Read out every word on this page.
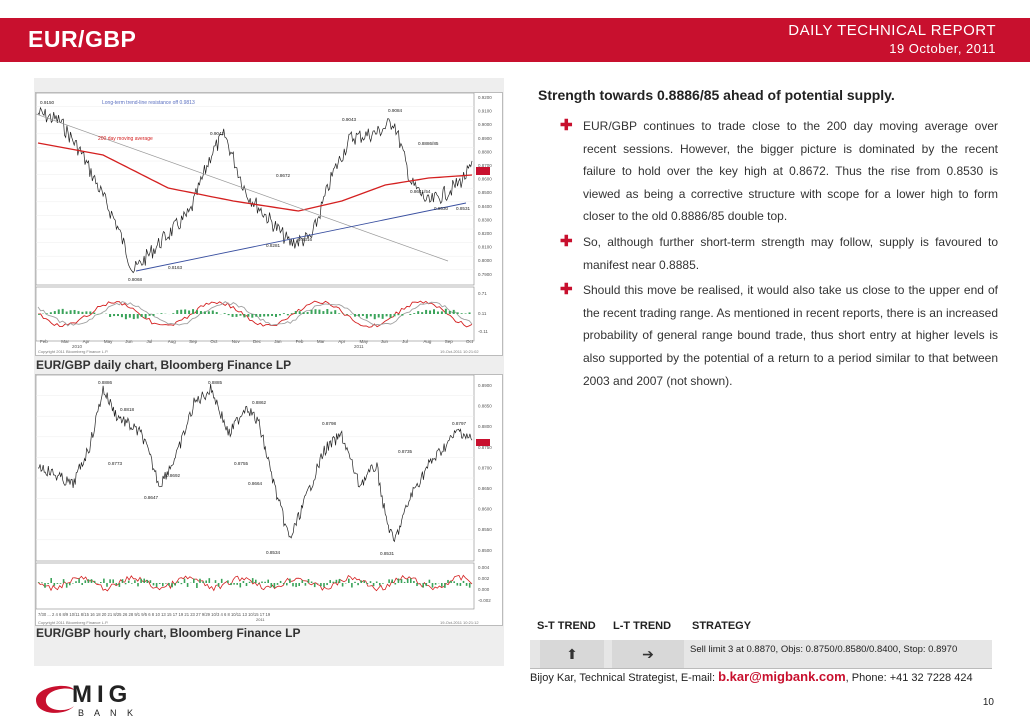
EUR/GBP	DAILY TECHNICAL REPORT
19 October, 2011
Long-term trend-line resistance off 0.9813
200 day moving average
0.9150
0.9042
0.9043
0.9084
0.8886/85
0.8672
0.8641/54
0.8530 0.8531
0.8281
0.8316
0.8163
0.8068
0.9200
0.9100
0.9000
0.8900
0.8800
0.8700
0.8600
0.8500
0.8400
0.8300
0.8200
0.8100
0.8000
0.7900
Feb	Mar	Apr	May	Jun	Jul	Aug	Sep	Oct	Nov	Dec	Jan	Feb	Mar	Apr	May	Jun	Jul	Aug	Sep	Oct
0.71
0.11
-0.11
2010	2011
Copyright 2011 Bloomberg Finance L.P.	19-Oct-2011 10:21:02
EUR/GBP daily chart, Bloomberg Finance LP
0.8886	0.8885
0.8818
0.8862
0.8798	0.8797
0.8735
0.8773	0.8755
0.8692
0.8664
0.8647
0.8534	0.8531
0.8900
0.8850
0.8800
0.8750
0.8700
0.8650
0.8600
0.8550
0.8500
0.004
0.002
0.000
-0.002
7/30 ... 2 4 6 8/9 10/11 8/15 16 18 20 21 8/25 26 28 9/1 9/5 6 8 10 13 15 17 19 21 23 27 9/29 10/3 4 6 8 10/11 13 10/15 17 19
2011
Copyright 2011 Bloomberg Finance L.P.	19-Oct-2011 10:21:12
EUR/GBP hourly chart, Bloomberg Finance LP

Strength towards 0.8886/85 ahead of potential supply.

✚ EUR/GBP continues to trade close to the 200 day moving average over recent sessions. However, the bigger picture is dominated by the recent failure to hold over the key high at 0.8672. Thus the rise from 0.8530 is viewed as being a corrective structure with scope for a lower high to form closer to the old 0.8886/85 double top.
✚ So, although further short-term strength may follow, supply is favoured to manifest near 0.8885.
✚ Should this move be realised, it would also take us close to the upper end of the recent trading range. As mentioned in recent reports, there is an increased probability of general range bound trade, thus short entry at higher levels is also supported by the potential of a return to a period similar to that between 2003 and 2007 (not shown).
S-T TREND L-T TREND STRATEGY
⬆	➔	Sell limit 3 at 0.8870, Objs: 0.8750/0.8580/0.8400, Stop: 0.8970
Bijoy Kar, Technical Strategist, E-mail: b.kar@migbank.com, Phone: +41 32 7228 424
MIG
B A N K
10
